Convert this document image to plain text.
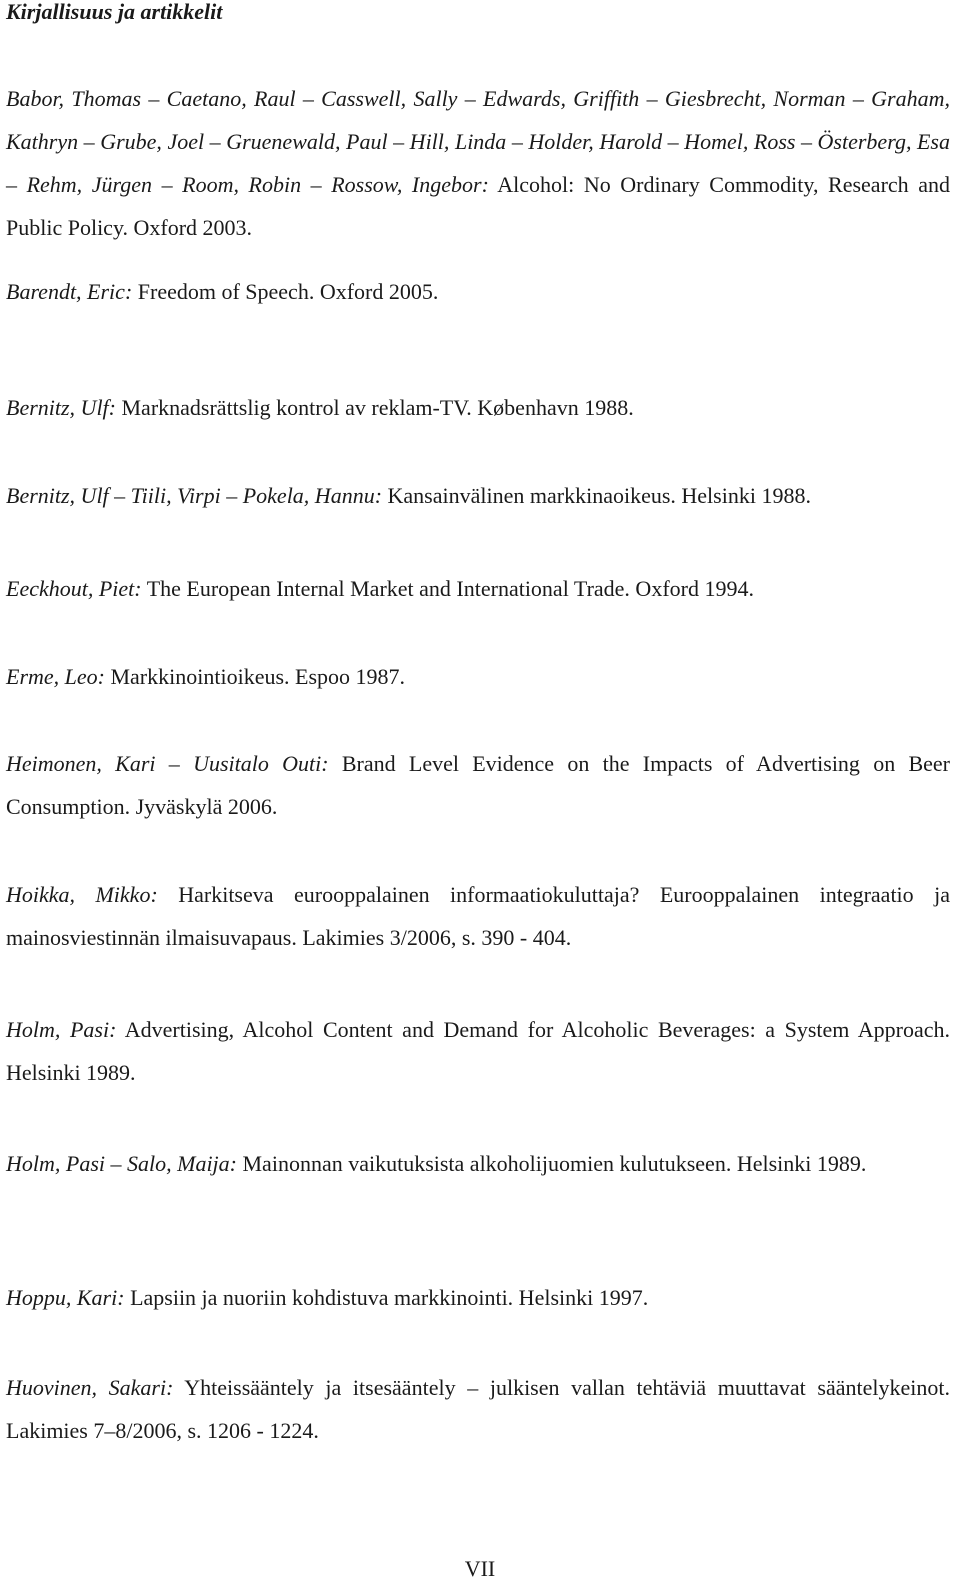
Kirjallisuus ja artikkelit

Babor, Thomas – Caetano, Raul – Casswell, Sally – Edwards, Griffith – Giesbrecht, Norman – Graham, Kathryn – Grube, Joel – Gruenewald, Paul – Hill, Linda – Holder, Harold – Homel, Ross – Österberg, Esa – Rehm, Jürgen – Room, Robin – Rossow, Ingebor: Alcohol: No Ordinary Commodity, Research and Public Policy. Oxford 2003.

Barendt, Eric: Freedom of Speech. Oxford 2005.

Bernitz, Ulf: Marknadsrättslig kontrol av reklam-TV. København 1988.

Bernitz, Ulf – Tiili, Virpi – Pokela, Hannu: Kansainvälinen markkinaoikeus. Helsinki 1988.

Eeckhout, Piet: The European Internal Market and International Trade. Oxford 1994.

Erme, Leo: Markkinointioikeus. Espoo 1987.

Heimonen, Kari – Uusitalo Outi: Brand Level Evidence on the Impacts of Advertising on Beer Consumption. Jyväskylä 2006.

Hoikka, Mikko: Harkitseva eurooppalainen informaatiokuluttaja? Eurooppalainen integraatio ja mainosviestinnän ilmaisuvapaus. Lakimies 3/2006, s. 390 - 404.

Holm, Pasi: Advertising, Alcohol Content and Demand for Alcoholic Beverages: a System Approach. Helsinki 1989.

Holm, Pasi – Salo, Maija: Mainonnan vaikutuksista alkoholijuomien kulutukseen. Helsinki 1989.

Hoppu, Kari: Lapsiin ja nuoriin kohdistuva markkinointi. Helsinki 1997.

Huovinen, Sakari: Yhteissääntely ja itsesääntely – julkisen vallan tehtäviä muuttavat sääntelykeinot. Lakimies 7–8/2006, s. 1206 - 1224.

VII
